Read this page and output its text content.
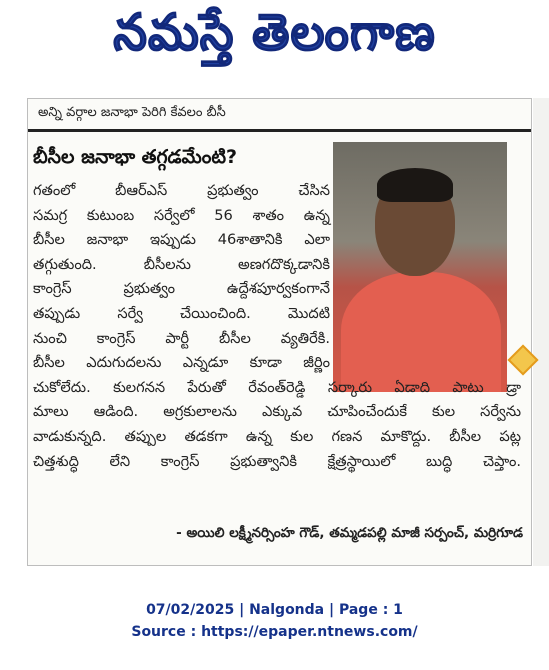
నమస్తే తెలంగాణ
అన్ని వర్గాల జనాభా పెరిగి కేవలం బీసీ
బీసీల జనాభా తగ్గడమేంటి?
గతంలో బీఆర్ఎస్ ప్రభుత్వం చేసిన
సమగ్ర కుటుంబ సర్వేలో 56 శాతం ఉన్న
బీసీల జనాభా ఇప్పుడు 46శాతానికి ఎలా
తగ్గుతుంది. బీసీలను అణగదొక్కడానికి
కాంగ్రెస్ ప్రభుత్వం ఉద్దేశపూర్వకంగానే
తప్పుడు సర్వే చేయించింది. మొదటి
నుంచి కాంగ్రెస్ పార్టీ బీసీల వ్యతిరేకి.
బీసీల ఎదుగుదలను ఎన్నడూ కూడా జీర్ణిం
చుకోలేదు. కులగనన పేరుతో రేవంత్‌రెడ్డి సర్కారు ఏడాది పాటు డ్రా
మాలు ఆడింది. అగ్రకులాలను ఎక్కువ చూపించేందుకే కుల సర్వేను
వాడుకున్నది. తప్పుల తడకగా ఉన్న కుల గణన మాకొద్దు. బీసీల పట్ల
చిత్తశుద్ధి లేని కాంగ్రెస్ ప్రభుత్వానికి క్షేత్రస్థాయిలో బుద్ధి చెప్తాం.
- అయిలి లక్ష్మీనర్సింహ గౌడ్, తమ్మడపల్లి మాజీ సర్పంచ్, మర్రిగూడ
07/02/2025 | Nalgonda | Page : 1
Source : https://epaper.ntnews.com/
